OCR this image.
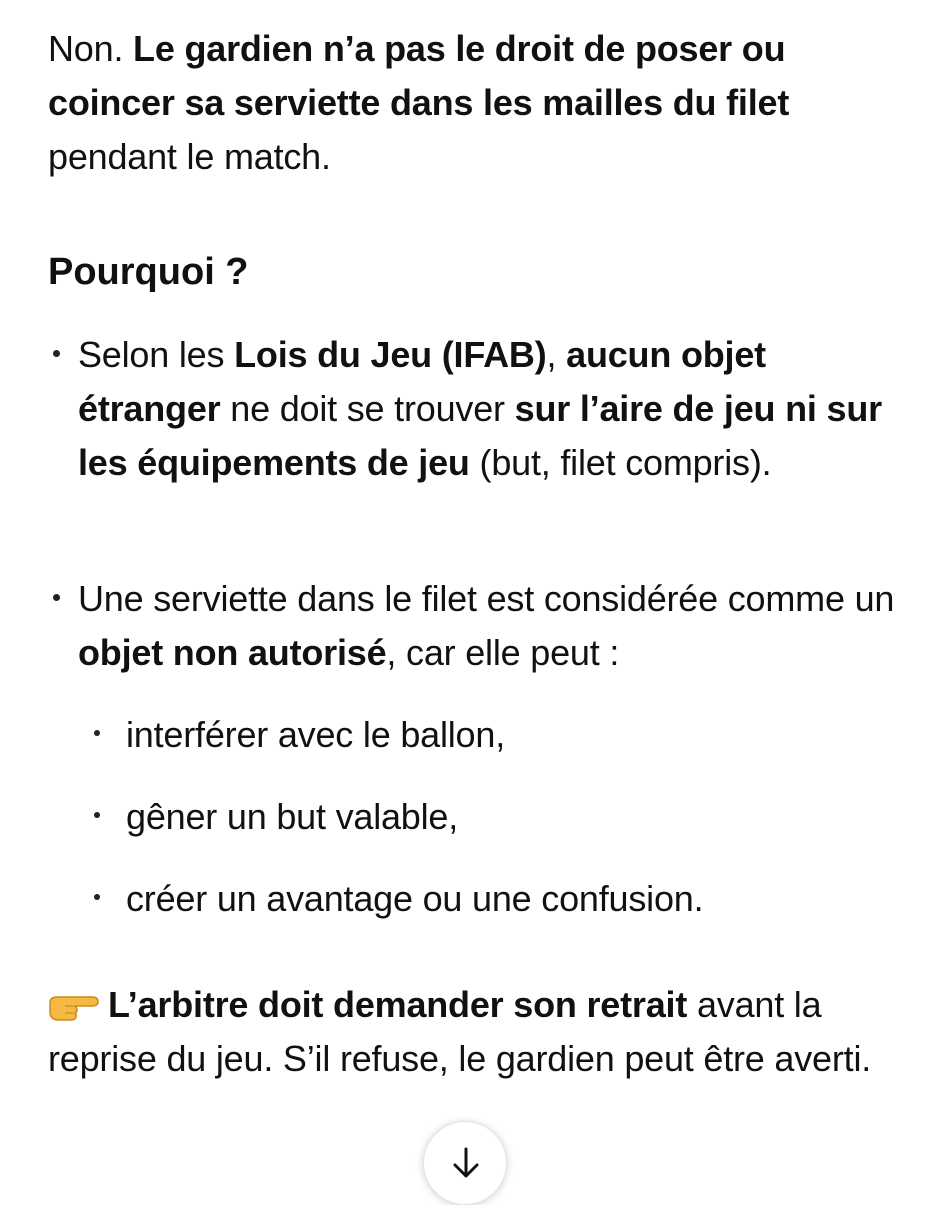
Non. Le gardien n’a pas le droit de poser ou coincer sa serviette dans les mailles du filet pendant le match.

Pourquoi ?
Selon les Lois du Jeu (IFAB), aucun objet étranger ne doit se trouver sur l’aire de jeu ni sur les équipements de jeu (but, filet compris).
Une serviette dans le filet est considérée comme un objet non autorisé, car elle peut :
interférer avec le ballon,
gêner un but valable,
créer un avantage ou une confusion.

L’arbitre doit demander son retrait avant la reprise du jeu. S’il refuse, le gardien peut être averti.
